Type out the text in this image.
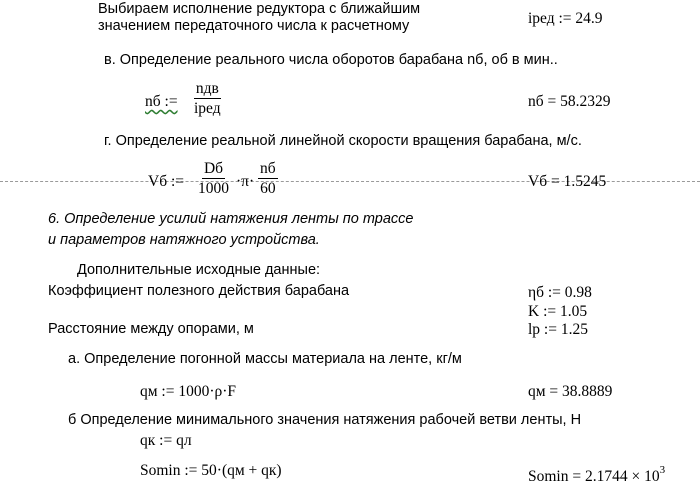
Выбираем исполнение редуктора с ближайшим
значением передаточного числа к расчетному	iред := 24.9
в. Определение реального числа оборотов барабана nб, об в мин..
nб :=
nдв
iред	nб = 58.2329
г. Определение реальной линейной скорости вращения барабана, м/с.
Vб :=
Dб
1000 ·π·
nб
60	Vб = 1.5245
6. Определение усилий натяжения ленты по трассе
и параметров натяжного устройства.
Дополнительные исходные данные:
Коэффициент полезного действия барабана	ηб := 0.98
K := 1.05
Расстояние между опорами, м	lр := 1.25
а. Определение погонной массы материала на ленте, кг/м
qм := 1000·ρ·F	qм = 38.8889
б Определение минимального значения натяжения рабочей ветви ленты, Н
qк := qл
Somin := 50·(qм + qк)	$Somin = 2.1744 \times 10^3$
